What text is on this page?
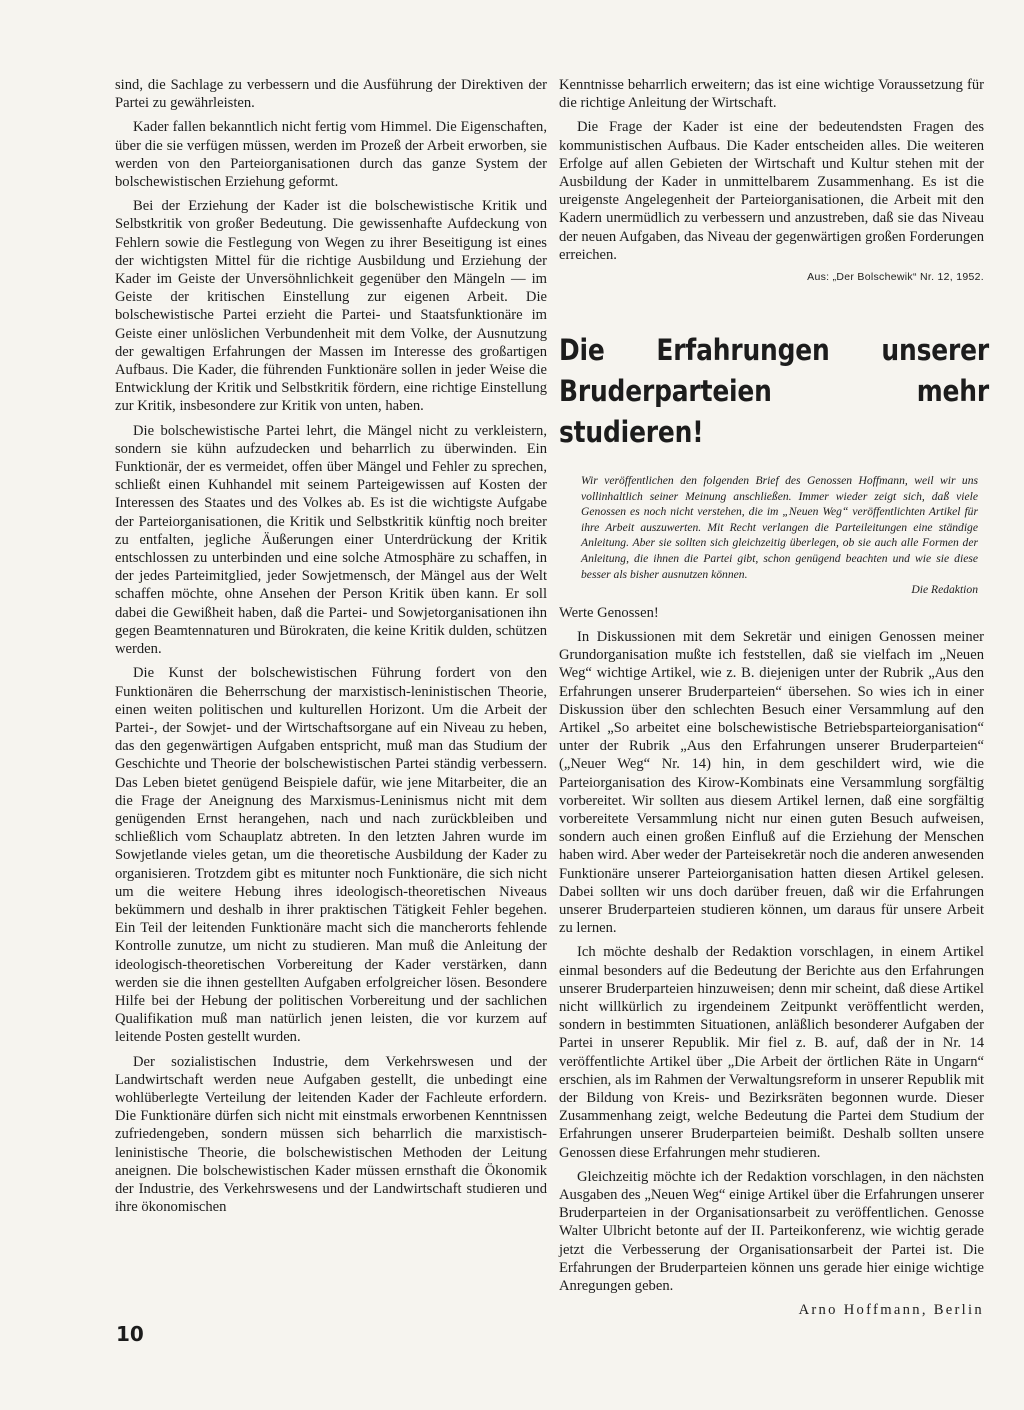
sind, die Sachlage zu verbessern und die Ausführung der Direktiven der Partei zu gewährleisten.

Kader fallen bekanntlich nicht fertig vom Himmel. Die Eigenschaften, über die sie verfügen müssen, werden im Prozeß der Arbeit erworben, sie werden von den Parteiorganisationen durch das ganze System der bolschewistischen Erziehung geformt.

Bei der Erziehung der Kader ist die bolschewistische Kritik und Selbstkritik von großer Bedeutung. Die gewissenhafte Aufdeckung von Fehlern sowie die Festlegung von Wegen zu ihrer Beseitigung ist eines der wichtigsten Mittel für die richtige Ausbildung und Erziehung der Kader im Geiste der Unversöhnlichkeit gegenüber den Mängeln — im Geiste der kritischen Einstellung zur eigenen Arbeit. Die bolschewistische Partei erzieht die Partei- und Staatsfunktionäre im Geiste einer unlöslichen Verbundenheit mit dem Volke, der Ausnutzung der gewaltigen Erfahrungen der Massen im Interesse des großartigen Aufbaus. Die Kader, die führenden Funktionäre sollen in jeder Weise die Entwicklung der Kritik und Selbstkritik fördern, eine richtige Einstellung zur Kritik, insbesondere zur Kritik von unten, haben.

Die bolschewistische Partei lehrt, die Mängel nicht zu verkleistern, sondern sie kühn aufzudecken und beharrlich zu überwinden. Ein Funktionär, der es vermeidet, offen über Mängel und Fehler zu sprechen, schließt einen Kuhhandel mit seinem Parteigewissen auf Kosten der Interessen des Staates und des Volkes ab. Es ist die wichtigste Aufgabe der Parteiorganisationen, die Kritik und Selbstkritik künftig noch breiter zu entfalten, jegliche Äußerungen einer Unterdrückung der Kritik entschlossen zu unterbinden und eine solche Atmosphäre zu schaffen, in der jedes Parteimitglied, jeder Sowjetmensch, der Mängel aus der Welt schaffen möchte, ohne Ansehen der Person Kritik üben kann. Er soll dabei die Gewißheit haben, daß die Partei- und Sowjetorganisationen ihn gegen Beamtennaturen und Bürokraten, die keine Kritik dulden, schützen werden.

Die Kunst der bolschewistischen Führung fordert von den Funktionären die Beherrschung der marxistisch-leninistischen Theorie, einen weiten politischen und kulturellen Horizont. Um die Arbeit der Partei-, der Sowjet- und der Wirtschaftsorgane auf ein Niveau zu heben, das den gegenwärtigen Aufgaben entspricht, muß man das Studium der Geschichte und Theorie der bolschewistischen Partei ständig verbessern. Das Leben bietet genügend Beispiele dafür, wie jene Mitarbeiter, die an die Frage der Aneignung des Marxismus-Leninismus nicht mit dem genügenden Ernst herangehen, nach und nach zurückbleiben und schließlich vom Schauplatz abtreten. In den letzten Jahren wurde im Sowjetlande vieles getan, um die theoretische Ausbildung der Kader zu organisieren. Trotzdem gibt es mitunter noch Funktionäre, die sich nicht um die weitere Hebung ihres ideologisch-theoretischen Niveaus bekümmern und deshalb in ihrer praktischen Tätigkeit Fehler begehen. Ein Teil der leitenden Funktionäre macht sich die mancherorts fehlende Kontrolle zunutze, um nicht zu studieren. Man muß die Anleitung der ideologisch-theoretischen Vorbereitung der Kader verstärken, dann werden sie die ihnen gestellten Aufgaben erfolgreicher lösen. Besondere Hilfe bei der Hebung der politischen Vorbereitung und der sachlichen Qualifikation muß man natürlich jenen leisten, die vor kurzem auf leitende Posten gestellt wurden.

Der sozialistischen Industrie, dem Verkehrswesen und der Landwirtschaft werden neue Aufgaben gestellt, die unbedingt eine wohlüberlegte Verteilung der leitenden Kader der Fachleute erfordern. Die Funktionäre dürfen sich nicht mit einstmals erworbenen Kenntnissen zufriedengeben, sondern müssen sich beharrlich die marxistisch-leninistische Theorie, die bolschewistischen Methoden der Leitung aneignen. Die bolschewistischen Kader müssen ernsthaft die Ökonomik der Industrie, des Verkehrswesens und der Landwirtschaft studieren und ihre ökonomischen

Kenntnisse beharrlich erweitern; das ist eine wichtige Voraussetzung für die richtige Anleitung der Wirtschaft.

Die Frage der Kader ist eine der bedeutendsten Fragen des kommunistischen Aufbaus. Die Kader entscheiden alles. Die weiteren Erfolge auf allen Gebieten der Wirtschaft und Kultur stehen mit der Ausbildung der Kader in unmittelbarem Zusammenhang. Es ist die ureigenste Angelegenheit der Parteiorganisationen, die Arbeit mit den Kadern unermüdlich zu verbessern und anzustreben, daß sie das Niveau der neuen Aufgaben, das Niveau der gegenwärtigen großen Forderungen erreichen.

Aus: „Der Bolschewik“ Nr. 12, 1952.
Die Erfahrungen unserer Bruderparteien mehr studieren!
Wir veröffentlichen den folgenden Brief des Genossen Hoffmann, weil wir uns vollinhaltlich seiner Meinung anschließen. Immer wieder zeigt sich, daß viele Genossen es noch nicht verstehen, die im „Neuen Weg“ veröffentlichten Artikel für ihre Arbeit auszuwerten. Mit Recht verlangen die Parteileitungen eine ständige Anleitung. Aber sie sollten sich gleichzeitig überlegen, ob sie auch alle Formen der Anleitung, die ihnen die Partei gibt, schon genügend beachten und wie sie diese besser als bisher ausnutzen können.
Die Redaktion

Werte Genossen!

In Diskussionen mit dem Sekretär und einigen Genossen meiner Grundorganisation mußte ich feststellen, daß sie vielfach im „Neuen Weg“ wichtige Artikel, wie z. B. diejenigen unter der Rubrik „Aus den Erfahrungen unserer Bruderparteien“ übersehen. So wies ich in einer Diskussion über den schlechten Besuch einer Versammlung auf den Artikel „So arbeitet eine bolschewistische Betriebsparteiorganisation“ unter der Rubrik „Aus den Erfahrungen unserer Bruderparteien“ („Neuer Weg“ Nr. 14) hin, in dem geschildert wird, wie die Parteiorganisation des Kirow-Kombinats eine Versammlung sorgfältig vorbereitet. Wir sollten aus diesem Artikel lernen, daß eine sorgfältig vorbereitete Versammlung nicht nur einen guten Besuch aufweisen, sondern auch einen großen Einfluß auf die Erziehung der Menschen haben wird. Aber weder der Parteisekretär noch die anderen anwesenden Funktionäre unserer Parteiorganisation hatten diesen Artikel gelesen. Dabei sollten wir uns doch darüber freuen, daß wir die Erfahrungen unserer Bruderparteien studieren können, um daraus für unsere Arbeit zu lernen.

Ich möchte deshalb der Redaktion vorschlagen, in einem Artikel einmal besonders auf die Bedeutung der Berichte aus den Erfahrungen unserer Bruderparteien hinzuweisen; denn mir scheint, daß diese Artikel nicht willkürlich zu irgendeinem Zeitpunkt veröffentlicht werden, sondern in bestimmten Situationen, anläßlich besonderer Aufgaben der Partei in unserer Republik. Mir fiel z. B. auf, daß der in Nr. 14 veröffentlichte Artikel über „Die Arbeit der örtlichen Räte in Ungarn“ erschien, als im Rahmen der Verwaltungsreform in unserer Republik mit der Bildung von Kreis- und Bezirksräten begonnen wurde. Dieser Zusammenhang zeigt, welche Bedeutung die Partei dem Studium der Erfahrungen unserer Bruderparteien beimißt. Deshalb sollten unsere Genossen diese Erfahrungen mehr studieren.

Gleichzeitig möchte ich der Redaktion vorschlagen, in den nächsten Ausgaben des „Neuen Weg“ einige Artikel über die Erfahrungen unserer Bruderparteien in der Organisationsarbeit zu veröffentlichen. Genosse Walter Ulbricht betonte auf der II. Parteikonferenz, wie wichtig gerade jetzt die Verbesserung der Organisationsarbeit der Partei ist. Die Erfahrungen der Bruderparteien können uns gerade hier einige wichtige Anregungen geben.

Arno Hoffmann, Berlin
10
